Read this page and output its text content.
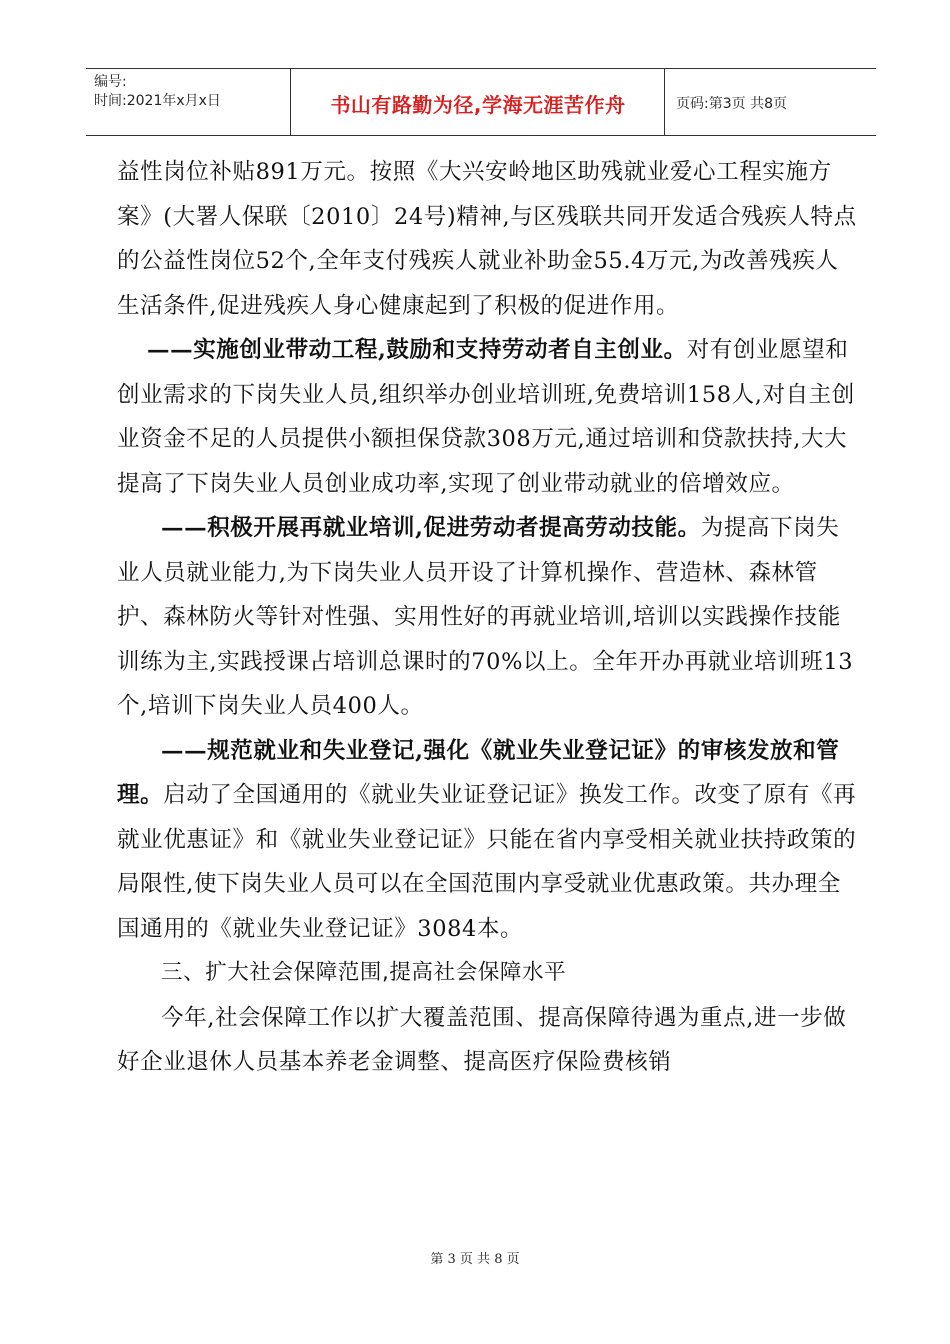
编号:
时间:2021年x月x日	书山有路勤为径,学海无涯苦作舟	页码:第3页 共8页

益性岗位补贴891万元。按照《大兴安岭地区助残就业爱心工程实施方案》(大署人保联〔2010〕24号)精神,与区残联共同开发适合残疾人特点的公益性岗位52个,全年支付残疾人就业补助金55.4万元,为改善残疾人生活条件,促进残疾人身心健康起到了积极的促进作用。

——实施创业带动工程,鼓励和支持劳动者自主创业。对有创业愿望和创业需求的下岗失业人员,组织举办创业培训班,免费培训158人,对自主创业资金不足的人员提供小额担保贷款308万元,通过培训和贷款扶持,大大提高了下岗失业人员创业成功率,实现了创业带动就业的倍增效应。

——积极开展再就业培训,促进劳动者提高劳动技能。为提高下岗失业人员就业能力,为下岗失业人员开设了计算机操作、营造林、森林管护、森林防火等针对性强、实用性好的再就业培训,培训以实践操作技能训练为主,实践授课占培训总课时的70%以上。全年开办再就业培训班13个,培训下岗失业人员400人。

——规范就业和失业登记,强化《就业失业登记证》的审核发放和管理。启动了全国通用的《就业失业证登记证》换发工作。改变了原有《再就业优惠证》和《就业失业登记证》只能在省内享受相关就业扶持政策的局限性,使下岗失业人员可以在全国范围内享受就业优惠政策。共办理全国通用的《就业失业登记证》3084本。

三、扩大社会保障范围,提高社会保障水平

今年,社会保障工作以扩大覆盖范围、提高保障待遇为重点,进一步做好企业退休人员基本养老金调整、提高医疗保险费核销

第 3 页 共 8 页
